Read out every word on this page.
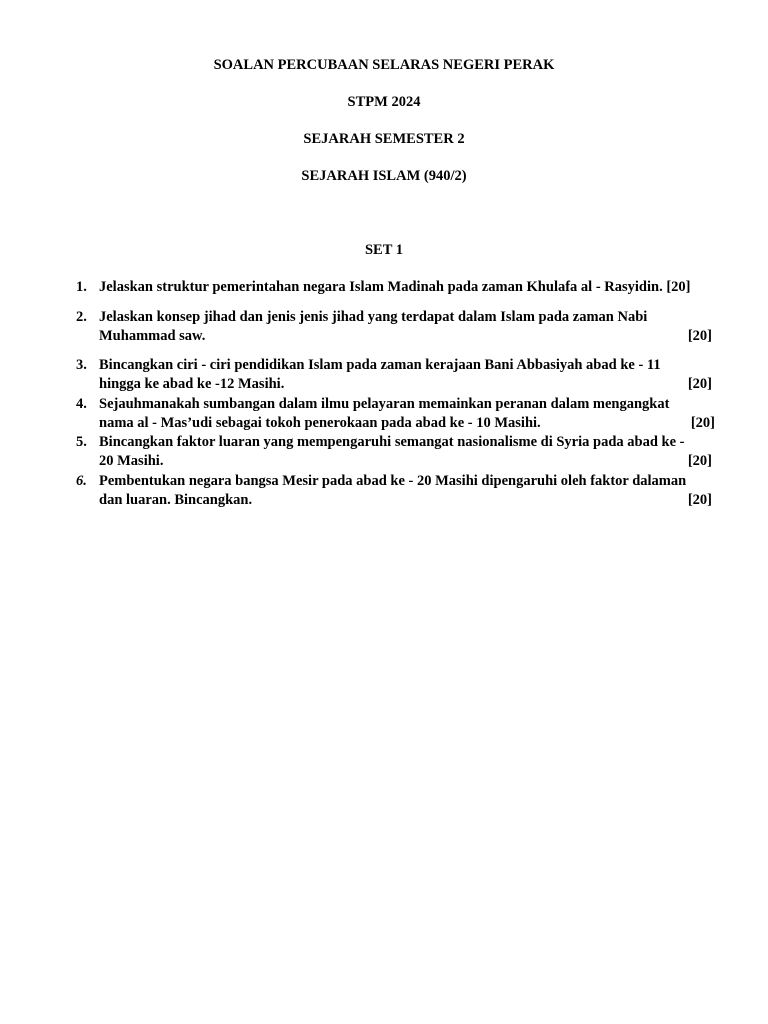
SOALAN PERCUBAAN SELARAS NEGERI PERAK
STPM 2024
SEJARAH SEMESTER 2
SEJARAH ISLAM (940/2)
SET 1
1. Jelaskan struktur pemerintahan negara Islam Madinah pada zaman Khulafa al - Rasyidin. [20]
2. Jelaskan konsep jihad dan jenis jenis jihad yang terdapat dalam Islam pada zaman Nabi
Muhammad saw.	[20]
3. Bincangkan ciri - ciri pendidikan Islam pada zaman kerajaan Bani Abbasiyah abad ke - 11
hingga ke abad ke -12 Masihi.	[20]
4. Sejauhmanakah sumbangan dalam ilmu pelayaran memainkan peranan dalam mengangkat
nama al - Mas’udi sebagai tokoh penerokaan pada abad ke - 10 Masihi.	[20]
5. Bincangkan faktor luaran yang mempengaruhi semangat nasionalisme di Syria pada abad ke -
20 Masihi.	[20]
6. Pembentukan negara bangsa Mesir pada abad ke - 20 Masihi dipengaruhi oleh faktor dalaman
dan luaran. Bincangkan.	[20]
